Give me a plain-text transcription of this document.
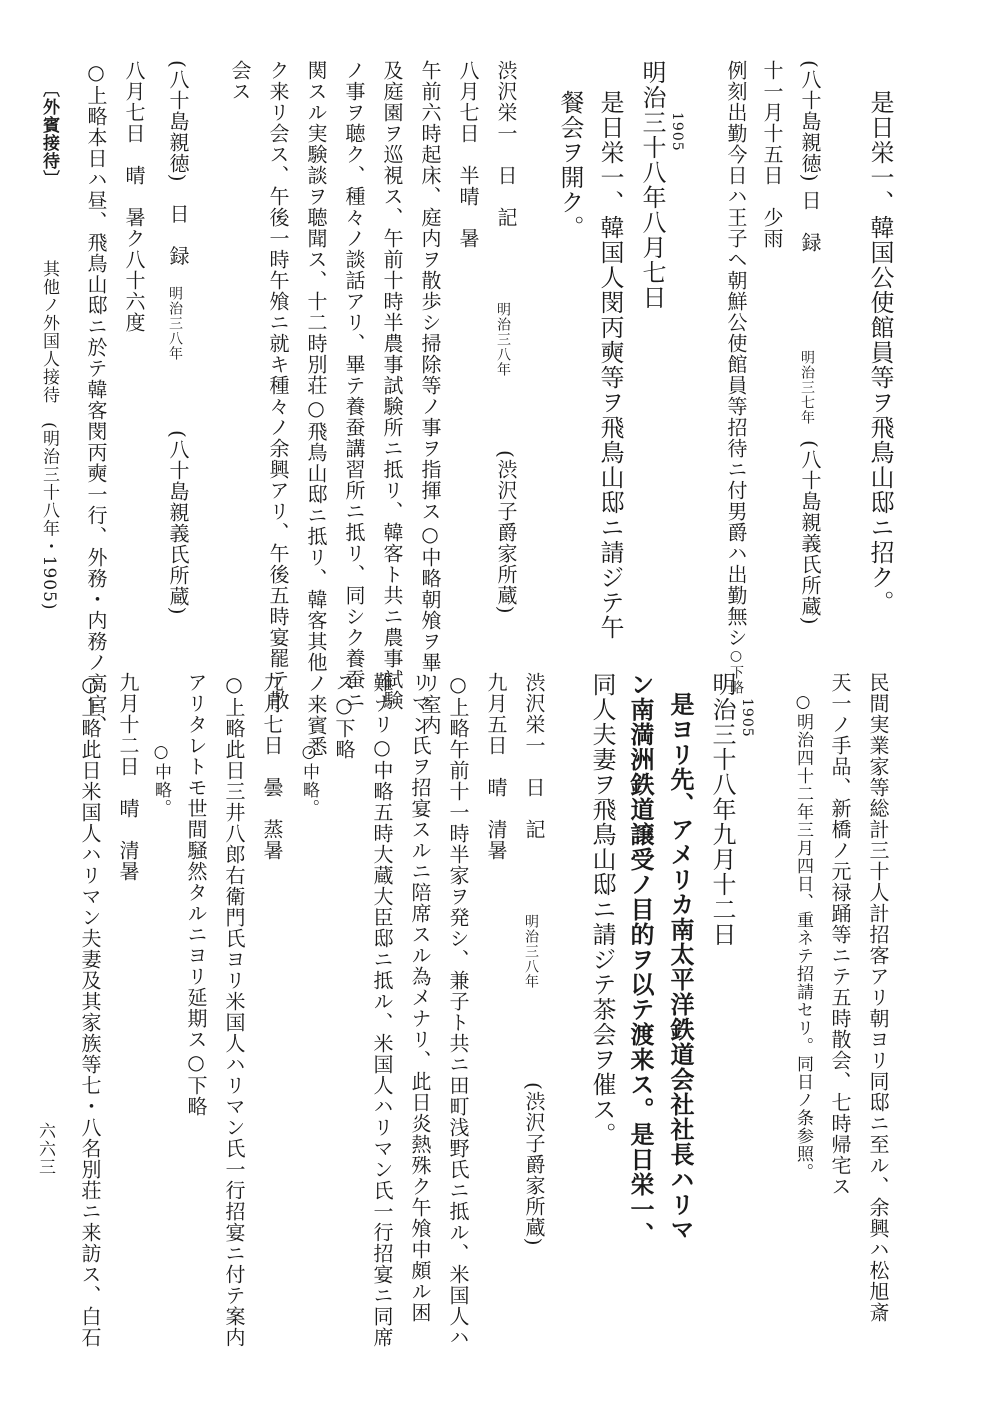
是日栄一、韓国公使館員等ヲ飛鳥山邸ニ招ク。
(八十島親徳) 日　録
明治三七年
(八十島親義氏所蔵)
十一月十五日　少雨
例刻出勤今日ハ王子ヘ朝鮮公使館員等招待ニ付男爵ハ出勤無シ○下略
1905
明治三十八年八月七日
是日栄一、韓国人閔丙奭等ヲ飛鳥山邸ニ請ジテ午
餐会ヲ開ク。
渋沢栄一　日　記
明治三八年
(渋沢子爵家所蔵)
八月七日　半晴　暑
午前六時起床、庭内ヲ散歩シ掃除等ノ事ヲ指揮ス○中略朝飧ヲ畢リ室内
及庭園ヲ巡視ス、午前十時半農事試験所ニ抵リ、韓客ト共ニ農事試験
ノ事ヲ聴ク、種々ノ談話アリ、畢テ養蚕講習所ニ抵リ、同シク養蚕ニ
関スル実験談ヲ聴聞ス、十二時別荘○飛鳥山邸ニ抵リ、韓客其他ノ来賓悉
ク来リ会ス、午後一時午飧ニ就キ種々ノ余興アリ、午後五時宴罷テ散
会ス
(八十島親徳)　日　録
明治三八年
(八十島親義氏所蔵)
八月七日　晴　暑ク八十六度
○上略本日ハ昼、飛鳥山邸ニ於テ韓客閔丙奭一行、外務・内務ノ高官、
〔外賓接待〕
其他ノ外国人接待　(明治三十八年・1905)
民間実業家等総計三十人計招客アリ朝ヨリ同邸ニ至ル、余興ハ松旭斎
天一ノ手品、新橋ノ元禄踊等ニテ五時散会、七時帰宅ス
○明治四十二年三月四日、重ネテ招請セリ。同日ノ条参照。
1905
明治三十八年九月十二日
是ヨリ先、アメリカ南太平洋鉄道会社社長ハリマ
ン南満洲鉄道譲受ノ目的ヲ以テ渡来ス。是日栄一、
同人夫妻ヲ飛鳥山邸ニ請ジテ茶会ヲ催ス。
渋沢栄一　日　記
明治三八年
(渋沢子爵家所蔵)
九月五日　晴　清暑
○上略午前十一時半家ヲ発シ、兼子ト共ニ田町浅野氏ニ抵ル、米国人ハ
リマン氏ヲ招宴スルニ陪席スル為メナリ、此日炎熱殊ク午飧中頗ル困
難ナリ○中略五時大蔵大臣邸ニ抵ル、米国人ハリマン氏一行招宴ニ同席
ス○下略
○中略。
九月七日　曇　蒸暑
○上略此日三井八郎右衛門氏ヨリ米国人ハリマン氏一行招宴ニ付テ案内
アリタレトモ世間騒然タルニヨリ延期ス○下略
○中略。
九月十二日　晴　清暑
○上略此日米国人ハリマン夫妻及其家族等七・八名別荘ニ来訪ス、白石
六六三
